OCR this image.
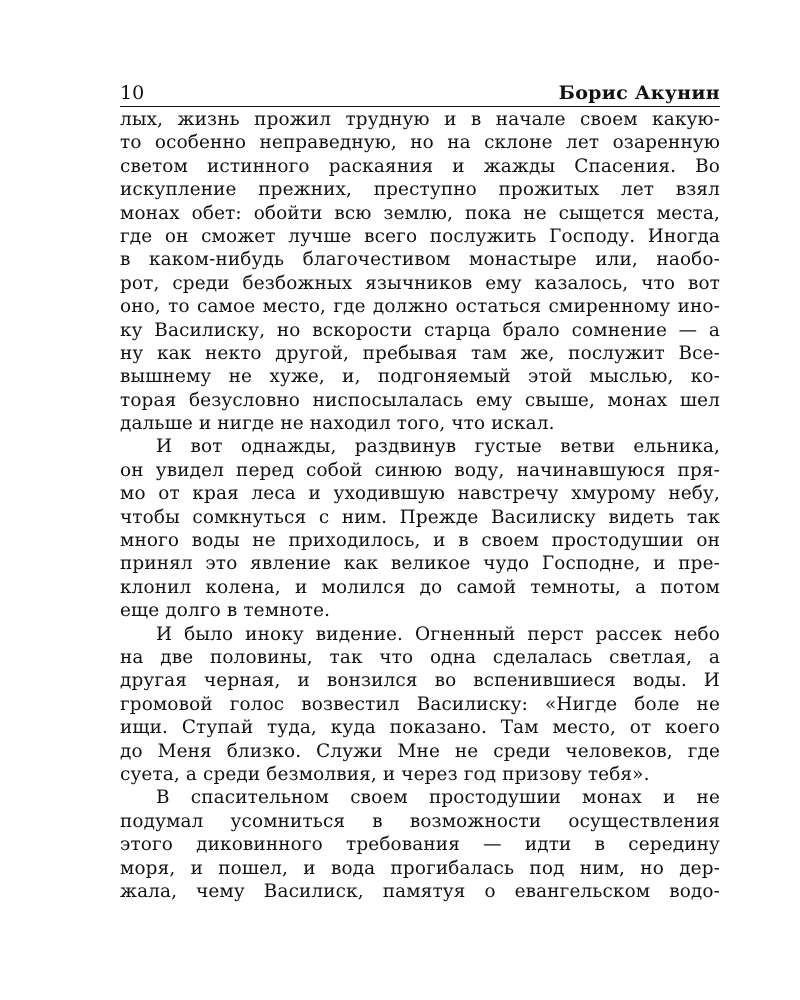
10	Борис Акунин
лых, жизнь прожил трудную и в начале своем какую-
то особенно неправедную, но на склоне лет озаренную
светом истинного раскаяния и жажды Спасения. Во
искупление прежних, преступно прожитых лет взял
монах обет: обойти всю землю, пока не сыщется места,
где он сможет лучше всего послужить Господу. Иногда
в каком-нибудь благочестивом монастыре или, наобо-
рот, среди безбожных язычников ему казалось, что вот
оно, то самое место, где должно остаться смиренному ино-
ку Василиску, но вскорости старца брало сомнение — а
ну как некто другой, пребывая там же, послужит Все-
вышнему не хуже, и, подгоняемый этой мыслью, ко-
торая безусловно ниспосылалась ему свыше, монах шел
дальше и нигде не находил того, что искал.
И вот однажды, раздвинув густые ветви ельника,
он увидел перед собой синюю воду, начинавшуюся пря-
мо от края леса и уходившую навстречу хмурому небу,
чтобы сомкнуться с ним. Прежде Василиску видеть так
много воды не приходилось, и в своем простодушии он
принял это явление как великое чудо Господне, и пре-
клонил колена, и молился до самой темноты, а потом
еще долго в темноте.
И было иноку видение. Огненный перст рассек небо
на две половины, так что одна сделалась светлая, а
другая черная, и вонзился во вспенившиеся воды. И
громовой голос возвестил Василиску: «Нигде боле не
ищи. Ступай туда, куда показано. Там место, от коего
до Меня близко. Служи Мне не среди человеков, где
суета, а среди безмолвия, и через год призову тебя».
В спасительном своем простодушии монах и не
подумал усомниться в возможности осуществления
этого диковинного требования — идти в середину
моря, и пошел, и вода прогибалась под ним, но дер-
жала, чему Василиск, памятуя о евангельском водо-
